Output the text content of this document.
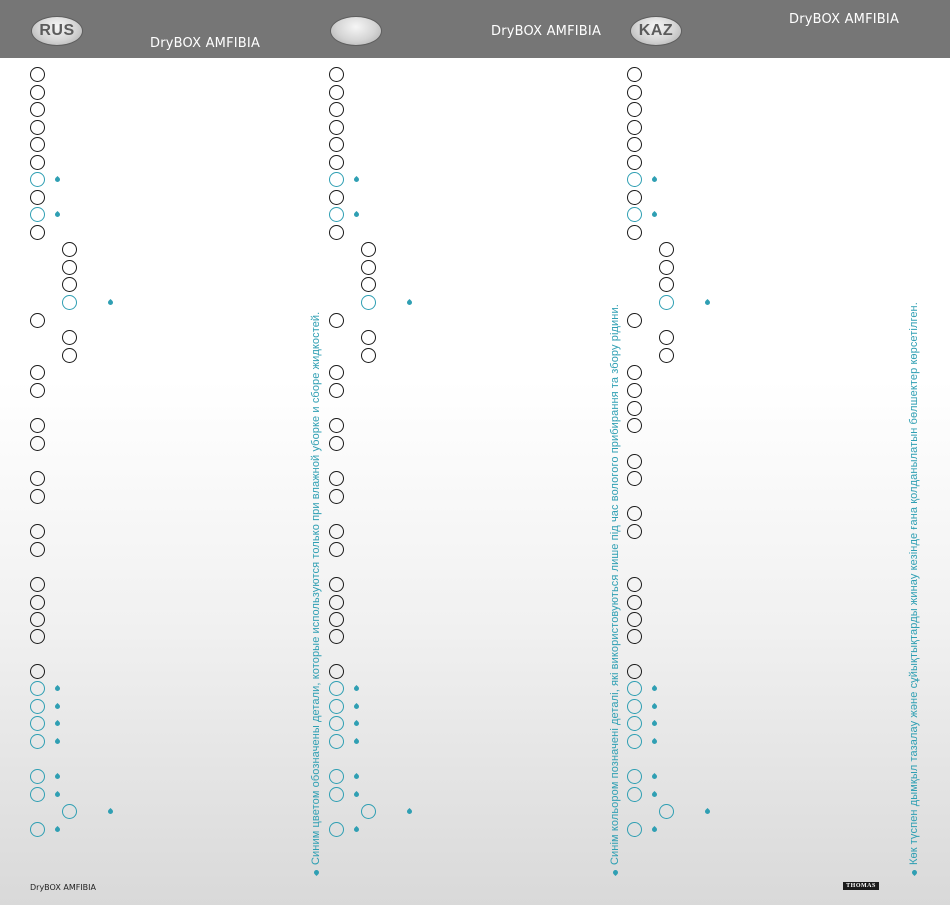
RUS	KAZ
DryBOX AMFIBIA
DryBOX AMFIBIA
DryBOX AMFIBIA
Синим цветом обозначены детали, которые используются только при влажной уборке и сборе жидкостей.	Синім кольором позначені деталі, які використовуються лише під час вологого прибирання та збору рідини.	Көк түспен дымқыл тазалау және сұйықтықтарды жинау кезінде ғана қолданылатын бөлшектер көрсетілген.
DryBOX AMFIBIA	THOMAS
